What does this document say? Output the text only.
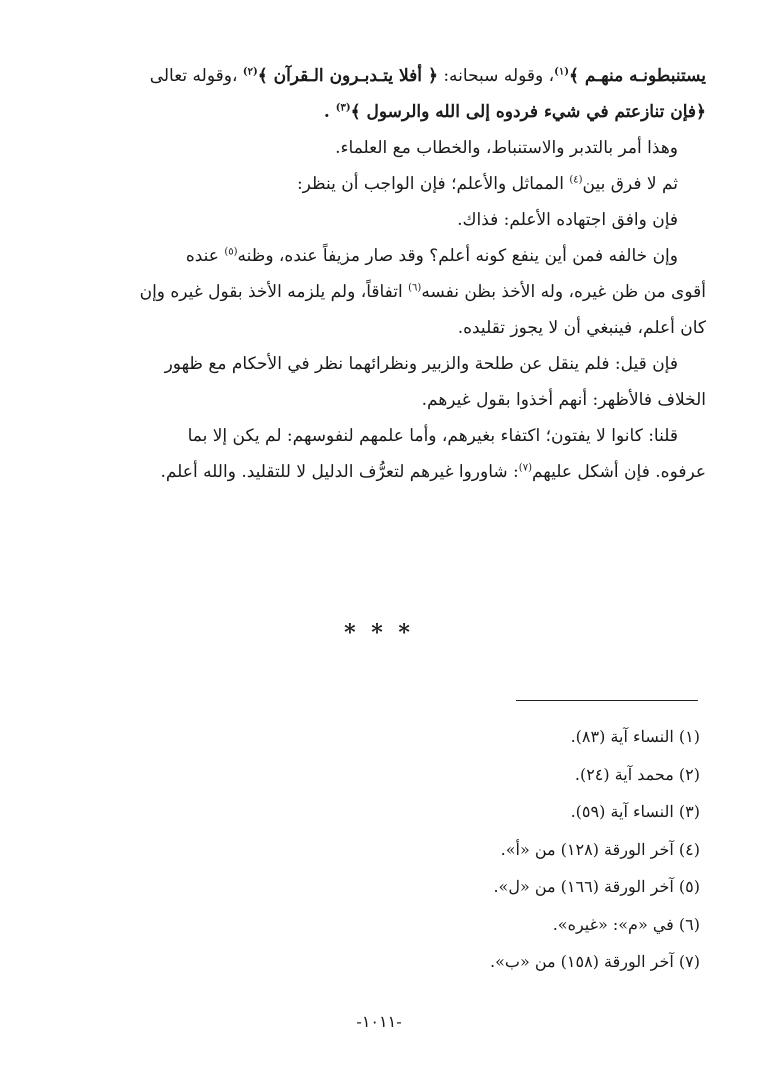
يستنبطونـه منهـم ﴾$^{(١)}$، وقوله سبحانه: ﴿ أفلا يتـدبـرون الـقرآن ﴾$^{(٢)}$ ،وقوله تعالى
﴿فإن تنازعتم في شيء فردوه إلى الله والرسول ﴾$^{(٣)}$ .
وهذا أمر بالتدبر والاستنباط، والخطاب مع العلماء.
ثم لا فرق بين$^{(٤)}$ المماثل والأعلم؛ فإن الواجب أن ينظر:
فإن وافق اجتهاده الأعلم: فذاك.
وإن خالفه فمن أين ينفع كونه أعلم؟ وقد صار مزيفاً عنده، وظنه$^{(٥)}$ عنده
أقوى من ظن غيره، وله الأخذ بظن نفسه$^{(٦)}$ اتفاقاً، ولم يلزمه الأخذ بقول غيره وإن
كان أعلم، فينبغي أن لا يجوز تقليده.
فإن قيل: فلم ينقل عن طلحة والزبير ونظرائهما نظر في الأحكام مع ظهور
الخلاف فالأظهر: أنهم أخذوا بقول غيرهم.
قلنا: كانوا لا يفتون؛ اكتفاء بغيرهم، وأما علمهم لنفوسهم: لم يكن إلا بما
عرفوه. فإن أشكل عليهم$^{(٧)}$: شاوروا غيرهم لتعرُّف الدليل لا للتقليد. والله أعلم.
* * *
(١) النساء آية (٨٣).
(٢) محمد آية (٢٤).
(٣) النساء آية (٥٩).
(٤) آخر الورقة (١٢٨) من «أ».
(٥) آخر الورقة (١٦٦) من «ل».
(٦) في «م»: «غيره».
(٧) آخر الورقة (١٥٨) من «ب».
-١٠١١-
